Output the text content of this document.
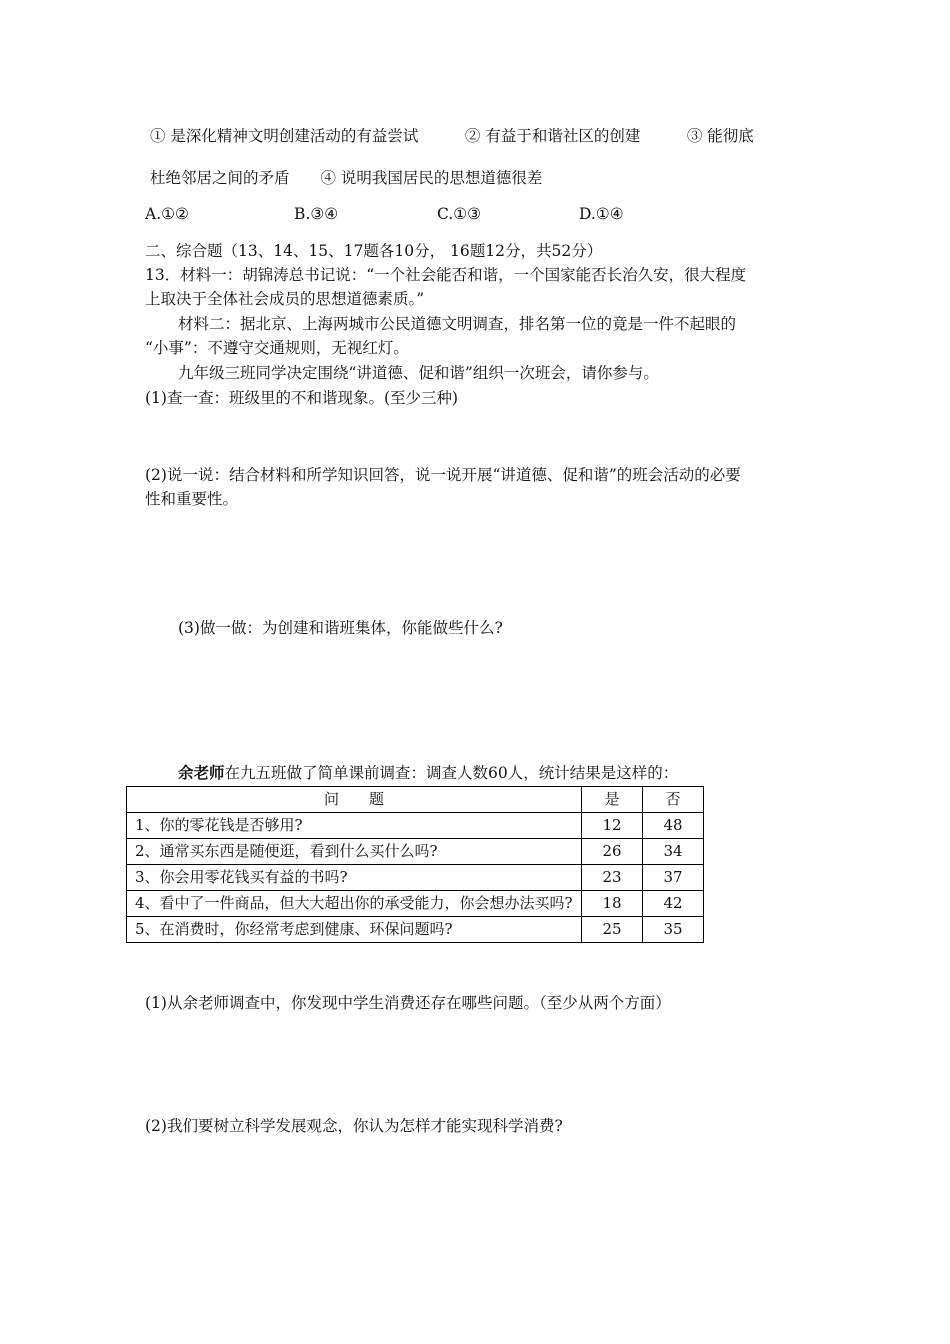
① 是深化精神文明创建活动的有益尝试　　　② 有益于和谐社区的创建　　　③ 能彻底
杜绝邻居之间的矛盾　　④ 说明我国居民的思想道德很差
A.①②	B.③④	C.①③	D.①④
二、综合题（13、14、15、17题各10分， 16题12分，共52分）
13．材料一：胡锦涛总书记说：“一个社会能否和谐，一个国家能否长治久安，很大程度
上取决于全体社会成员的思想道德素质。”
材料二：据北京、上海两城市公民道德文明调查，排名第一位的竟是一件不起眼的
“小事”：不遵守交通规则，无视红灯。
九年级三班同学决定围绕“讲道德、促和谐”组织一次班会，请你参与。
(1)查一查：班级里的不和谐现象。(至少三种)
(2)说一说：结合材料和所学知识回答，说一说开展“讲道德、促和谐”的班会活动的必要
性和重要性。
(3)做一做：为创建和谐班集体，你能做些什么?
余老师在九五班做了简单课前调查：调查人数60人，统计结果是这样的：
问　　题	是	否
1、你的零花钱是否够用?	12	48
2、通常买东西是随便逛，看到什么买什么吗?	26	34
3、你会用零花钱买有益的书吗?	23	37
4、看中了一件商品，但大大超出你的承受能力，你会想办法买吗?	18	42
5、在消费时，你经常考虑到健康、环保问题吗?	25	35
(1)从余老师调查中，你发现中学生消费还存在哪些问题。（至少从两个方面）
(2)我们要树立科学发展观念，你认为怎样才能实现科学消费?
